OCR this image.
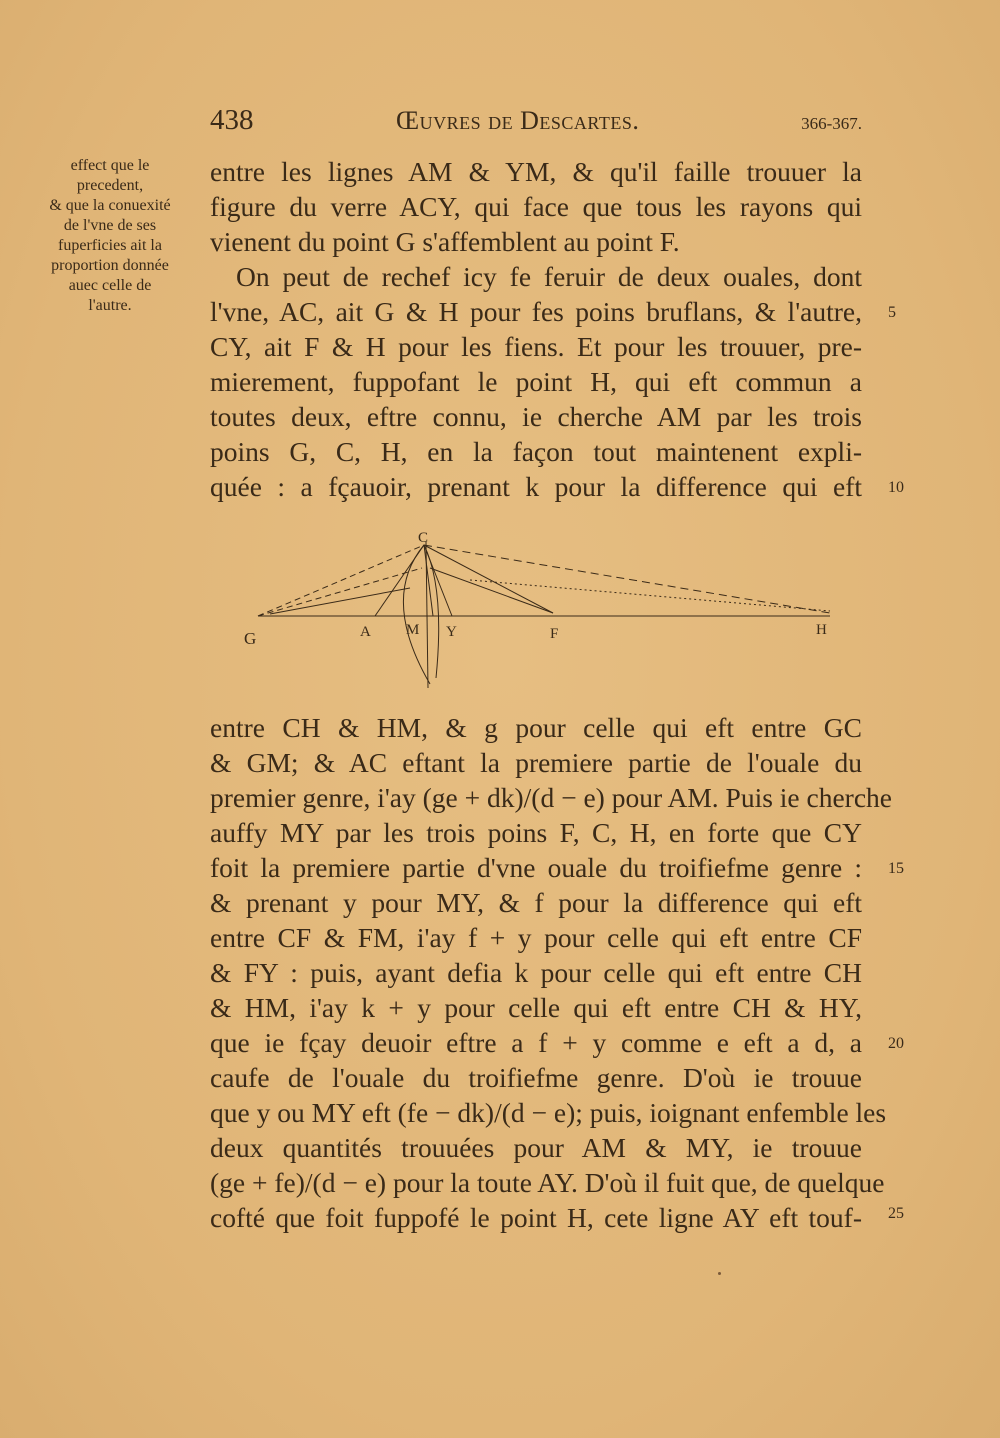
438	Œuvres de Descartes.	366-367.
effect que le
precedent,
& que la conuexité
de l'vne de ses
fuperficies ait la
proportion donnée
auec celle de
l'autre.
entre les lignes AM & YM, & qu'il faille trouuer la
figure du verre ACY, qui face que tous les rayons qui
vienent du point G s'affemblent au point F.
On peut de rechef icy fe feruir de deux ouales, dont
l'vne, AC, ait G & H pour fes poins bruflans, & l'autre,
CY, ait F & H pour les fiens. Et pour les trouuer, pre-
mierement, fuppofant le point H, qui eft commun a
toutes deux, eftre connu, ie cherche AM par les trois
poins G, C, H, en la façon tout maintenent expli-
quée : a fçauoir, prenant k pour la difference qui eft
entre CH & HM, & g pour celle qui eft entre GC
& GM; & AC eftant la premiere partie de l'ouale du
premier genre, i'ay (ge + dk)/(d − e) pour AM. Puis ie cherche
auffy MY par les trois poins F, C, H, en forte que CY
foit la premiere partie d'vne ouale du troifiefme genre :
& prenant y pour MY, & f pour la difference qui eft
entre CF & FM, i'ay f + y pour celle qui eft entre CF
& FY : puis, ayant defia k pour celle qui eft entre CH
& HM, i'ay k + y pour celle qui eft entre CH & HY,
que ie fçay deuoir eftre a f + y comme e eft a d, a
caufe de l'ouale du troifiefme genre. D'où ie trouue
que y ou MY eft (fe − dk)/(d − e); puis, ioignant enfemble les
deux quantités trouuées pour AM & MY, ie trouue
(ge + fe)/(d − e) pour la toute AY. D'où il fuit que, de quelque
cofté que foit fuppofé le point H, cete ligne AY eft touf-
5
10
15
20
25
C
G	A M Y	F	H
